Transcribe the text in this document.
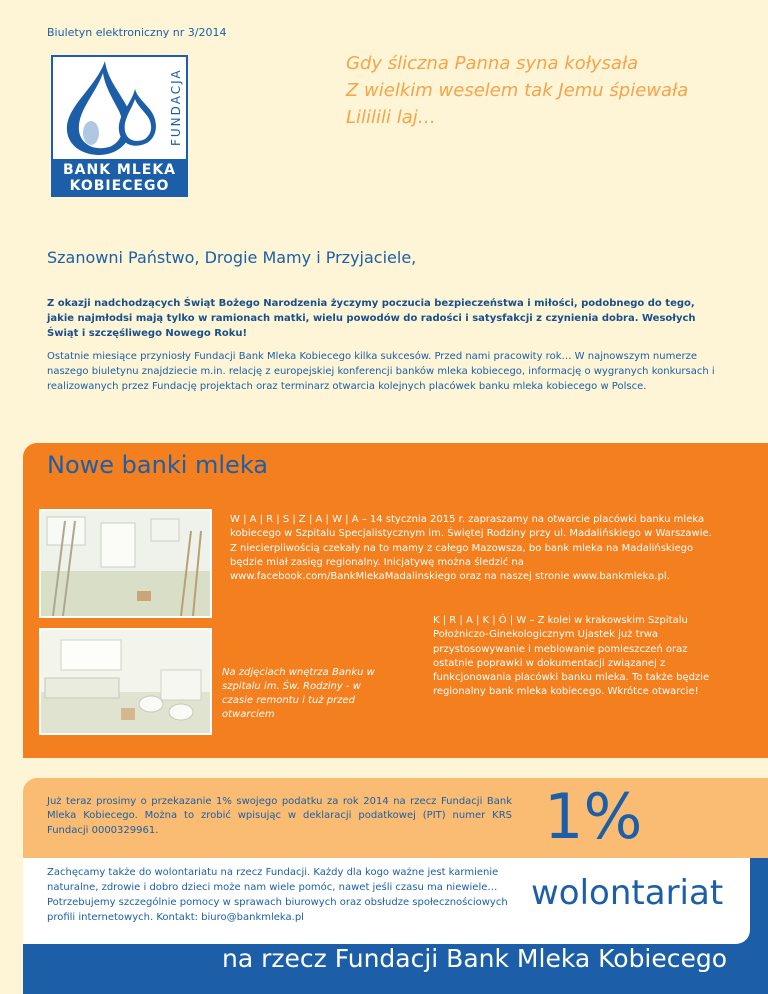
Biuletyn elektroniczny nr 3/2014
FUNDACJA
BANK MLEKA
KOBIECEGO
Gdy śliczna Panna syna kołysała
Z wielkim weselem tak Jemu śpiewała
Lililili laj…
Szanowni Państwo, Drogie Mamy i Przyjaciele,
Z okazji nadchodzących Świąt Bożego Narodzenia życzymy poczucia bezpieczeństwa i miłości, podobnego do tego, jakie najmłodsi mają tylko w ramionach matki, wielu powodów do radości i satysfakcji z czynienia dobra. Wesołych Świąt i szczęśliwego Nowego Roku!
Ostatnie miesiące przyniosły Fundacji Bank Mleka Kobiecego kilka sukcesów. Przed nami pracowity rok… W najnowszym numerze naszego biuletynu znajdziecie m.in. relację z europejskiej konferencji banków mleka kobiecego, informację o wygranych konkursach i realizowanych przez Fundację projektach oraz terminarz otwarcia kolejnych placówek banku mleka kobiecego w Polsce.
Nowe banki mleka
W | A | R | S | Z | A | W | A – 14 stycznia 2015 r. zapraszamy na otwarcie placówki banku mleka kobiecego w Szpitalu Specjalistycznym im. Świętej Rodziny przy ul. Madalińskiego w Warszawie. Z niecierpliwością czekały na to mamy z całego Mazowsza, bo bank mleka na Madalińskiego będzie miał zasięg regionalny. Inicjatywę można śledzić na www.facebook.com/BankMlekaMadalinskiego oraz na naszej stronie www.bankmleka.pl.
K | R | A | K | Ó | W – Z kolei w krakowskim Szpitalu Położniczo-Ginekologicznym Ujastek już trwa przystosowywanie i meblowanie pomieszczeń oraz ostatnie poprawki w dokumentacji związanej z funkcjonowania placówki banku mleka. To także będzie regionalny bank mleka kobiecego. Wkrótce otwarcie!
Na zdjęciach wnętrza Banku w szpitalu im. Św. Rodziny - w czasie remontu i tuż przed otwarciem
Już teraz prosimy o przekazanie 1% swojego podatku za rok 2014 na rzecz Fundacji Bank Mleka Kobiecego. Można to zrobić wpisując w deklaracji podatkowej (PIT) numer KRS Fundacji 0000329961.	1%
Zachęcamy także do wolontariatu na rzecz Fundacji. Każdy dla kogo ważne jest karmienie naturalne, zdrowie i dobro dzieci może nam wiele pomóc, nawet jeśli czasu ma niewiele… Potrzebujemy szczególnie pomocy w sprawach biurowych oraz obsłudze społecznościowych profili internetowych. Kontakt: biuro@bankmleka.pl
wolontariat
na rzecz Fundacji Bank Mleka Kobiecego
